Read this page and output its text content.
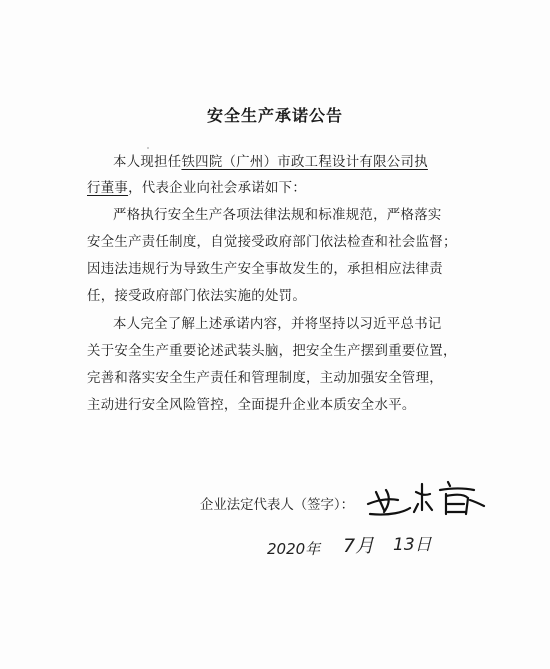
安全生产承诺公告
本人现担任铁四院（广州）市政工程设计有限公司执
行董事，代表企业向社会承诺如下：
严格执行安全生产各项法律法规和标准规范，严格落实
安全生产责任制度，自觉接受政府部门依法检查和社会监督；
因违法违规行为导致生产安全事故发生的，承担相应法律责
任，接受政府部门依法实施的处罚。
本人完全了解上述承诺内容，并将坚持以习近平总书记
关于安全生产重要论述武装头脑，把安全生产摆到重要位置，
完善和落实安全生产责任和管理制度，主动加强安全管理，
主动进行安全风险管控，全面提升企业本质安全水平。
企业法定代表人（签字）：
2020年 7月 13日
